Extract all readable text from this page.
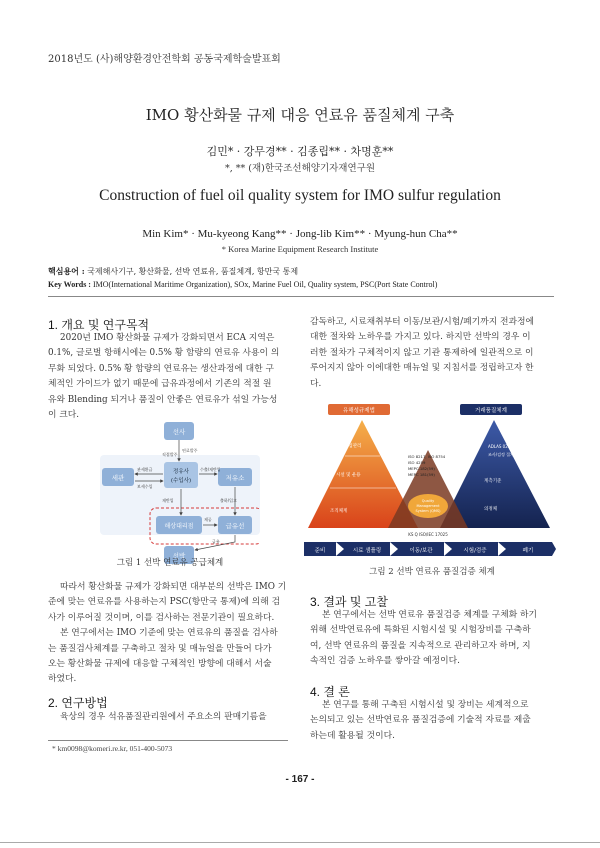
2018년도 (사)해양환경안전학회 공동국제학술발표회
IMO 황산화물 규제 대응 연료유 품질체계 구축
김민* · 강무경** · 김종립** · 차명훈**
*, ** (재)한국조선해양기자재연구원
Construction of fuel oil quality system for IMO sulfur regulation
Min Kim* · Mu-kyeong Kang** · Jong-lib Kim** · Myung-hun Cha**
* Korea Marine Equipment Research Institute
핵심용어 : 국제해사기구, 황산화물, 선박 연료유, 품질체계, 항만국 통제
Key Words : IMO(International Maritime Organization), SOx, Marine Fuel Oil, Quality system, PSC(Port State Control)
1. 개요 및 연구목적
2020년 IMO 황산화물 규제가 강화되면서 ECA 지역은
0.1%, 글로벌 항해시에는 0.5% 황 함량의 연료유 사용이 의
무화 되었다. 0.5% 황 함량의 연료유는 생산과정에 대한 구
체적인 가이드가 없기 때문에 급유과정에서 기존의 적절 원
유와 Blending 되거나 품질이 안좋은 연료유가 섞일 가능성
이 크다.
선사
정유사
(수입사)
세관	저유소
해상대리점	급유선
선박
연료발주
관세환급
보세수입
수출/재반입
재반입	출하/입고
제공
급유
직접발주
그림 1 선박 연료유 공급체계
따라서 황산화물 규제가 강화되면 대부분의 선박은 IMO 기
준에 맞는 연료유를 사용하는지 PSC(항만국 통제)에 의해 검
사가 이루어질 것이며, 이를 검사하는 전문기관이 필요하다.
본 연구에서는 IMO 기준에 맞는 연료유의 품질을 검사하
는 품질검사체계를 구축하고 절차 및 매뉴얼을 만들어 다가
오는 황산화물 규제에 대응할 구체적인 방향에 대해서 서술
하였다.
2. 연구방법
육상의 경우 석유품질관리원에서 주요소의 판매기름을
* km0098@komeri.re.kr, 051-400-5073
감독하고, 시료채취부터 이동/보관/시험/폐기까지 전과정에
대한 절차와 노하우를 가지고 있다. 하지만 선박의 경우 이
러한 절차가 구체적이지 않고 기관 통제하에 일관적으로 이
루어지지 않아 이에대한 매뉴얼 및 지침서를 정립하고자 한
다.
유해성규제법	거래품질체계
사업관리
시설 및 운용
조직체계
ADLAS 02.019
조사/검정 절차
계측기준
의정체
ISO 8217, ISO 8754
ISO 4259
MEPC.182(59)
MEPC 181(59)
Quality
Management
System (QMS)
KS Q ISO/IEC 17025
준비	시료 샘플링	이동/보관	시험/검증	폐기
그림 2 선박 연료유 품질검증 체계
3. 결과 및 고찰
본 연구에서는 선박 연료유 품질검증 체계를 구체화 하기
위해 선박연료유에 특화된 시험시설 및 시험장비를 구축하
여, 선박 연료유의 품질을 지속적으로 관리하고자 하며, 지
속적인 검증 노하우를 쌓아갈 예정이다.
4. 결 론
본 연구를 통해 구축된 시험시설 및 장비는 세계적으로
논의되고 있는 선박연료유 품질검증에 기술적 자료를 제출
하는데 활용될 것이다.
- 167 -
